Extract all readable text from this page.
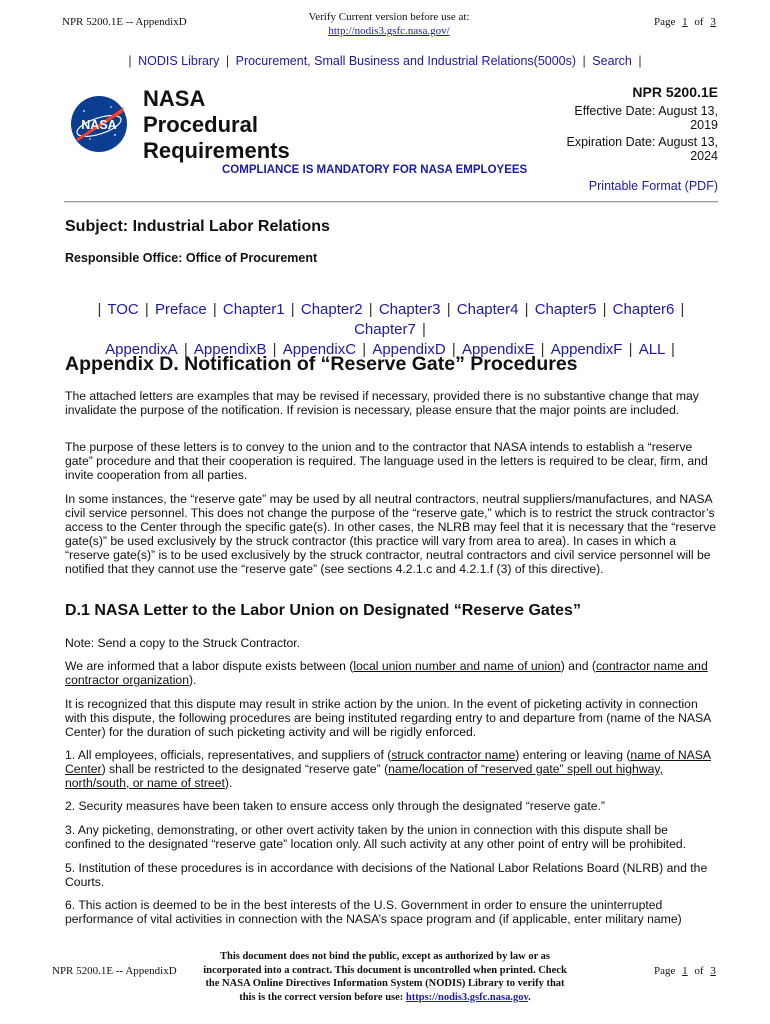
NPR 5200.1E -- AppendixD	Verify Current version before use at:
http://nodis3.gsfc.nasa.gov/
Page 1 of 3
| NODIS Library | Procurement, Small Business and Industrial Relations(5000s) | Search |
NASA
NASA
Procedural
Requirements
NPR 5200.1E
Effective Date: August 13,
2019
Expiration Date: August 13,
2024
COMPLIANCE IS MANDATORY FOR NASA EMPLOYEES
Printable Format (PDF)
Subject: Industrial Labor Relations
Responsible Office: Office of Procurement
| TOC | Preface | Chapter1 | Chapter2 | Chapter3 | Chapter4 | Chapter5 | Chapter6 | Chapter7 |
AppendixA | AppendixB | AppendixC | AppendixD | AppendixE | AppendixF | ALL |
Appendix D. Notification of “Reserve Gate” Procedures
The attached letters are examples that may be revised if necessary, provided there is no substantive change that may invalidate the purpose of the notification. If revision is necessary, please ensure that the major points are included.
The purpose of these letters is to convey to the union and to the contractor that NASA intends to establish a “reserve gate” procedure and that their cooperation is required. The language used in the letters is required to be clear, firm, and invite cooperation from all parties.
In some instances, the “reserve gate” may be used by all neutral contractors, neutral suppliers/manufactures, and NASA civil service personnel. This does not change the purpose of the “reserve gate,” which is to restrict the struck contractor’s access to the Center through the specific gate(s). In other cases, the NLRB may feel that it is necessary that the “reserve gate(s)” be used exclusively by the struck contractor (this practice will vary from area to area). In cases in which a “reserve gate(s)” is to be used exclusively by the struck contractor, neutral contractors and civil service personnel will be notified that they cannot use the “reserve gate” (see sections 4.2.1.c and 4.2.1.f (3) of this directive).
D.1 NASA Letter to the Labor Union on Designated “Reserve Gates”
Note: Send a copy to the Struck Contractor.
We are informed that a labor dispute exists between (local union number and name of union) and (contractor name and contractor organization).
It is recognized that this dispute may result in strike action by the union. In the event of picketing activity in connection with this dispute, the following procedures are being instituted regarding entry to and departure from (name of the NASA Center) for the duration of such picketing activity and will be rigidly enforced.
1. All employees, officials, representatives, and suppliers of (struck contractor name) entering or leaving (name of NASA Center) shall be restricted to the designated “reserve gate” (name/location of “reserved gate” spell out highway, north/south, or name of street).
2. Security measures have been taken to ensure access only through the designated “reserve gate.”
3. Any picketing, demonstrating, or other overt activity taken by the union in connection with this dispute shall be confined to the designated “reserve gate” location only. All such activity at any other point of entry will be prohibited.
5. Institution of these procedures is in accordance with decisions of the National Labor Relations Board (NLRB) and the Courts.
6. This action is deemed to be in the best interests of the U.S. Government in order to ensure the uninterrupted performance of vital activities in connection with the NASA’s space program and (if applicable, enter military name)
NPR 5200.1E -- AppendixD
This document does not bind the public, except as authorized by law or as
incorporated into a contract. This document is uncontrolled when printed. Check
the NASA Online Directives Information System (NODIS) Library to verify that
this is the correct version before use: https://nodis3.gsfc.nasa.gov.
Page 1 of 3
